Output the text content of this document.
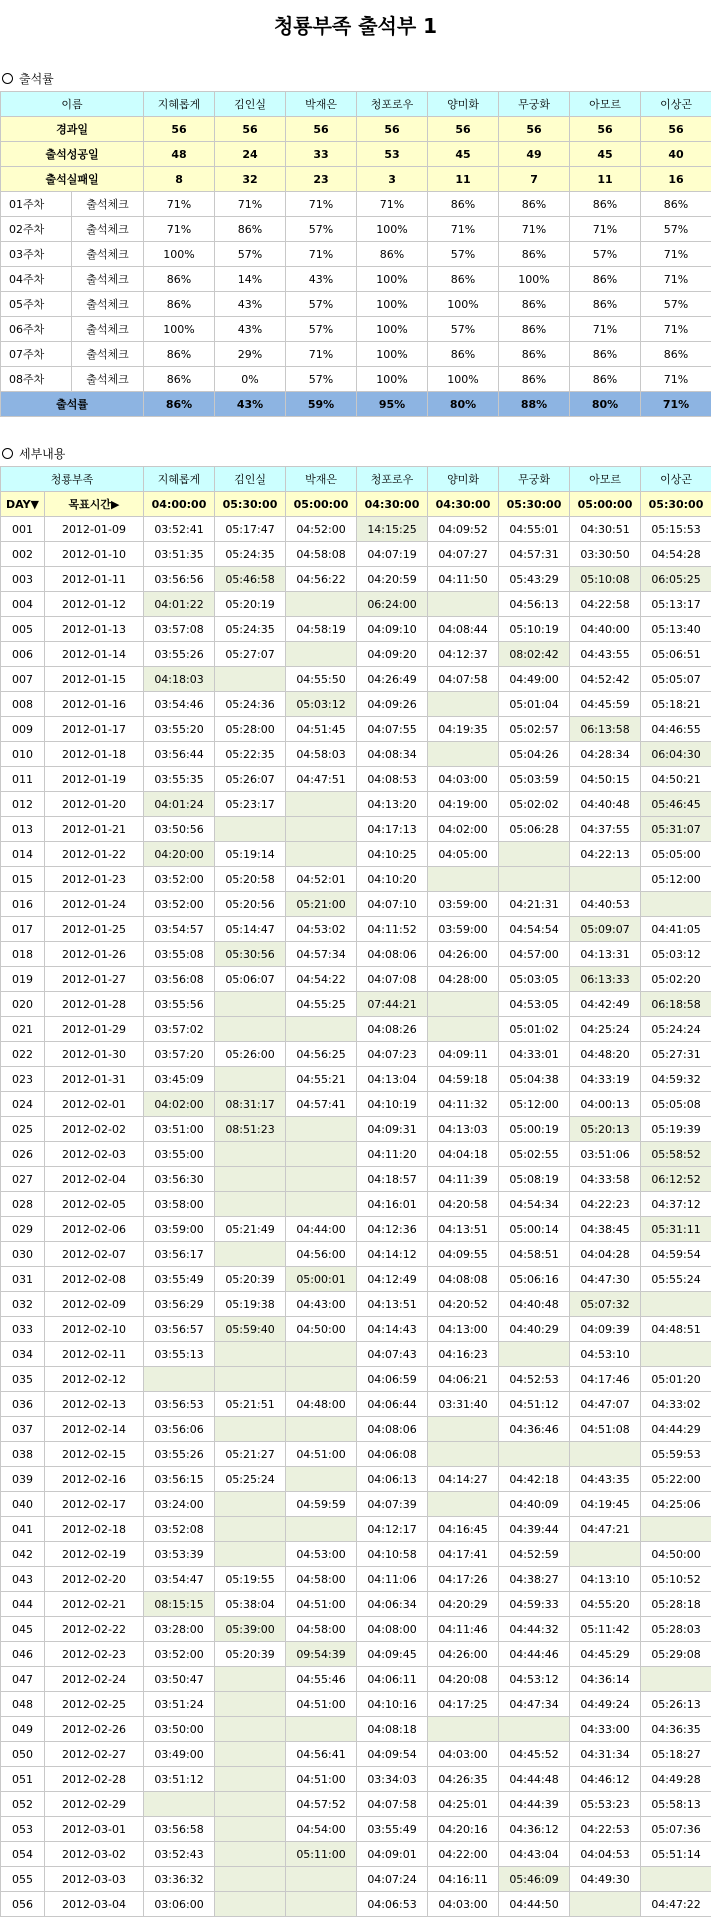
청룡부족 출석부 1
출석률
이름		지혜롭게	김인실	박재은	청포로우	양미화	무궁화	아모르	이상곤
경과일		56	56	56	56	56	56	56	56
출석성공일		48	24	33	53	45	49	45	40
출석실패일		8	32	23	3	11	7	11	16
01주차	출석체크	71%	71%	71%	71%	86%	86%	86%	86%
02주차	출석체크	71%	86%	57%	100%	71%	71%	71%	57%
03주차	출석체크	100%	57%	71%	86%	57%	86%	57%	71%
04주차	출석체크	86%	14%	43%	100%	86%	100%	86%	71%
05주차	출석체크	86%	43%	57%	100%	100%	86%	86%	57%
06주차	출석체크	100%	43%	57%	100%	57%	86%	71%	71%
07주차	출석체크	86%	29%	71%	100%	86%	86%	86%	86%
08주차	출석체크	86%	0%	57%	100%	100%	86%	86%	71%
출석률		86%	43%	59%	95%	80%	88%	80%	71%
세부내용
청룡부족		지혜롭게	김인실	박재은	청포로우	양미화	무궁화	아모르	이상곤
DAY▼	목표시간▶	04:00:00	05:30:00	05:00:00	04:30:00	04:30:00	05:30:00	05:00:00	05:30:00
001	2012-01-09	03:52:41	05:17:47	04:52:00	14:15:25	04:09:52	04:55:01	04:30:51	05:15:53
002	2012-01-10	03:51:35	05:24:35	04:58:08	04:07:19	04:07:27	04:57:31	03:30:50	04:54:28
003	2012-01-11	03:56:56	05:46:58	04:56:22	04:20:59	04:11:50	05:43:29	05:10:08	06:05:25
004	2012-01-12	04:01:22	05:20:19		06:24:00		04:56:13	04:22:58	05:13:17
005	2012-01-13	03:57:08	05:24:35	04:58:19	04:09:10	04:08:44	05:10:19	04:40:00	05:13:40
006	2012-01-14	03:55:26	05:27:07		04:09:20	04:12:37	08:02:42	04:43:55	05:06:51
007	2012-01-15	04:18:03		04:55:50	04:26:49	04:07:58	04:49:00	04:52:42	05:05:07
008	2012-01-16	03:54:46	05:24:36	05:03:12	04:09:26		05:01:04	04:45:59	05:18:21
009	2012-01-17	03:55:20	05:28:00	04:51:45	04:07:55	04:19:35	05:02:57	06:13:58	04:46:55
010	2012-01-18	03:56:44	05:22:35	04:58:03	04:08:34		05:04:26	04:28:34	06:04:30
011	2012-01-19	03:55:35	05:26:07	04:47:51	04:08:53	04:03:00	05:03:59	04:50:15	04:50:21
012	2012-01-20	04:01:24	05:23:17		04:13:20	04:19:00	05:02:02	04:40:48	05:46:45
013	2012-01-21	03:50:56			04:17:13	04:02:00	05:06:28	04:37:55	05:31:07
014	2012-01-22	04:20:00	05:19:14		04:10:25	04:05:00		04:22:13	05:05:00
015	2012-01-23	03:52:00	05:20:58	04:52:01	04:10:20				05:12:00
016	2012-01-24	03:52:00	05:20:56	05:21:00	04:07:10	03:59:00	04:21:31	04:40:53	
017	2012-01-25	03:54:57	05:14:47	04:53:02	04:11:52	03:59:00	04:54:54	05:09:07	04:41:05
018	2012-01-26	03:55:08	05:30:56	04:57:34	04:08:06	04:26:00	04:57:00	04:13:31	05:03:12
019	2012-01-27	03:56:08	05:06:07	04:54:22	04:07:08	04:28:00	05:03:05	06:13:33	05:02:20
020	2012-01-28	03:55:56		04:55:25	07:44:21		04:53:05	04:42:49	06:18:58
021	2012-01-29	03:57:02			04:08:26		05:01:02	04:25:24	05:24:24
022	2012-01-30	03:57:20	05:26:00	04:56:25	04:07:23	04:09:11	04:33:01	04:48:20	05:27:31
023	2012-01-31	03:45:09		04:55:21	04:13:04	04:59:18	05:04:38	04:33:19	04:59:32
024	2012-02-01	04:02:00	08:31:17	04:57:41	04:10:19	04:11:32	05:12:00	04:00:13	05:05:08
025	2012-02-02	03:51:00	08:51:23		04:09:31	04:13:03	05:00:19	05:20:13	05:19:39
026	2012-02-03	03:55:00			04:11:20	04:04:18	05:02:55	03:51:06	05:58:52
027	2012-02-04	03:56:30			04:18:57	04:11:39	05:08:19	04:33:58	06:12:52
028	2012-02-05	03:58:00			04:16:01	04:20:58	04:54:34	04:22:23	04:37:12
029	2012-02-06	03:59:00	05:21:49	04:44:00	04:12:36	04:13:51	05:00:14	04:38:45	05:31:11
030	2012-02-07	03:56:17		04:56:00	04:14:12	04:09:55	04:58:51	04:04:28	04:59:54
031	2012-02-08	03:55:49	05:20:39	05:00:01	04:12:49	04:08:08	05:06:16	04:47:30	05:55:24
032	2012-02-09	03:56:29	05:19:38	04:43:00	04:13:51	04:20:52	04:40:48	05:07:32	
033	2012-02-10	03:56:57	05:59:40	04:50:00	04:14:43	04:13:00	04:40:29	04:09:39	04:48:51
034	2012-02-11	03:55:13			04:07:43	04:16:23		04:53:10	
035	2012-02-12				04:06:59	04:06:21	04:52:53	04:17:46	05:01:20
036	2012-02-13	03:56:53	05:21:51	04:48:00	04:06:44	03:31:40	04:51:12	04:47:07	04:33:02
037	2012-02-14	03:56:06			04:08:06		04:36:46	04:51:08	04:44:29
038	2012-02-15	03:55:26	05:21:27	04:51:00	04:06:08				05:59:53
039	2012-02-16	03:56:15	05:25:24		04:06:13	04:14:27	04:42:18	04:43:35	05:22:00
040	2012-02-17	03:24:00		04:59:59	04:07:39		04:40:09	04:19:45	04:25:06
041	2012-02-18	03:52:08			04:12:17	04:16:45	04:39:44	04:47:21	
042	2012-02-19	03:53:39		04:53:00	04:10:58	04:17:41	04:52:59		04:50:00
043	2012-02-20	03:54:47	05:19:55	04:58:00	04:11:06	04:17:26	04:38:27	04:13:10	05:10:52
044	2012-02-21	08:15:15	05:38:04	04:51:00	04:06:34	04:20:29	04:59:33	04:55:20	05:28:18
045	2012-02-22	03:28:00	05:39:00	04:58:00	04:08:00	04:11:46	04:44:32	05:11:42	05:28:03
046	2012-02-23	03:52:00	05:20:39	09:54:39	04:09:45	04:26:00	04:44:46	04:45:29	05:29:08
047	2012-02-24	03:50:47		04:55:46	04:06:11	04:20:08	04:53:12	04:36:14	
048	2012-02-25	03:51:24		04:51:00	04:10:16	04:17:25	04:47:34	04:49:24	05:26:13
049	2012-02-26	03:50:00			04:08:18			04:33:00	04:36:35
050	2012-02-27	03:49:00		04:56:41	04:09:54	04:03:00	04:45:52	04:31:34	05:18:27
051	2012-02-28	03:51:12		04:51:00	03:34:03	04:26:35	04:44:48	04:46:12	04:49:28
052	2012-02-29			04:57:52	04:07:58	04:25:01	04:44:39	05:53:23	05:58:13
053	2012-03-01	03:56:58		04:54:00	03:55:49	04:20:16	04:36:12	04:22:53	05:07:36
054	2012-03-02	03:52:43		05:11:00	04:09:01	04:22:00	04:43:04	04:04:53	05:51:14
055	2012-03-03	03:36:32			04:07:24	04:16:11	05:46:09	04:49:30	
056	2012-03-04	03:06:00			04:06:53	04:03:00	04:44:50		04:47:22
